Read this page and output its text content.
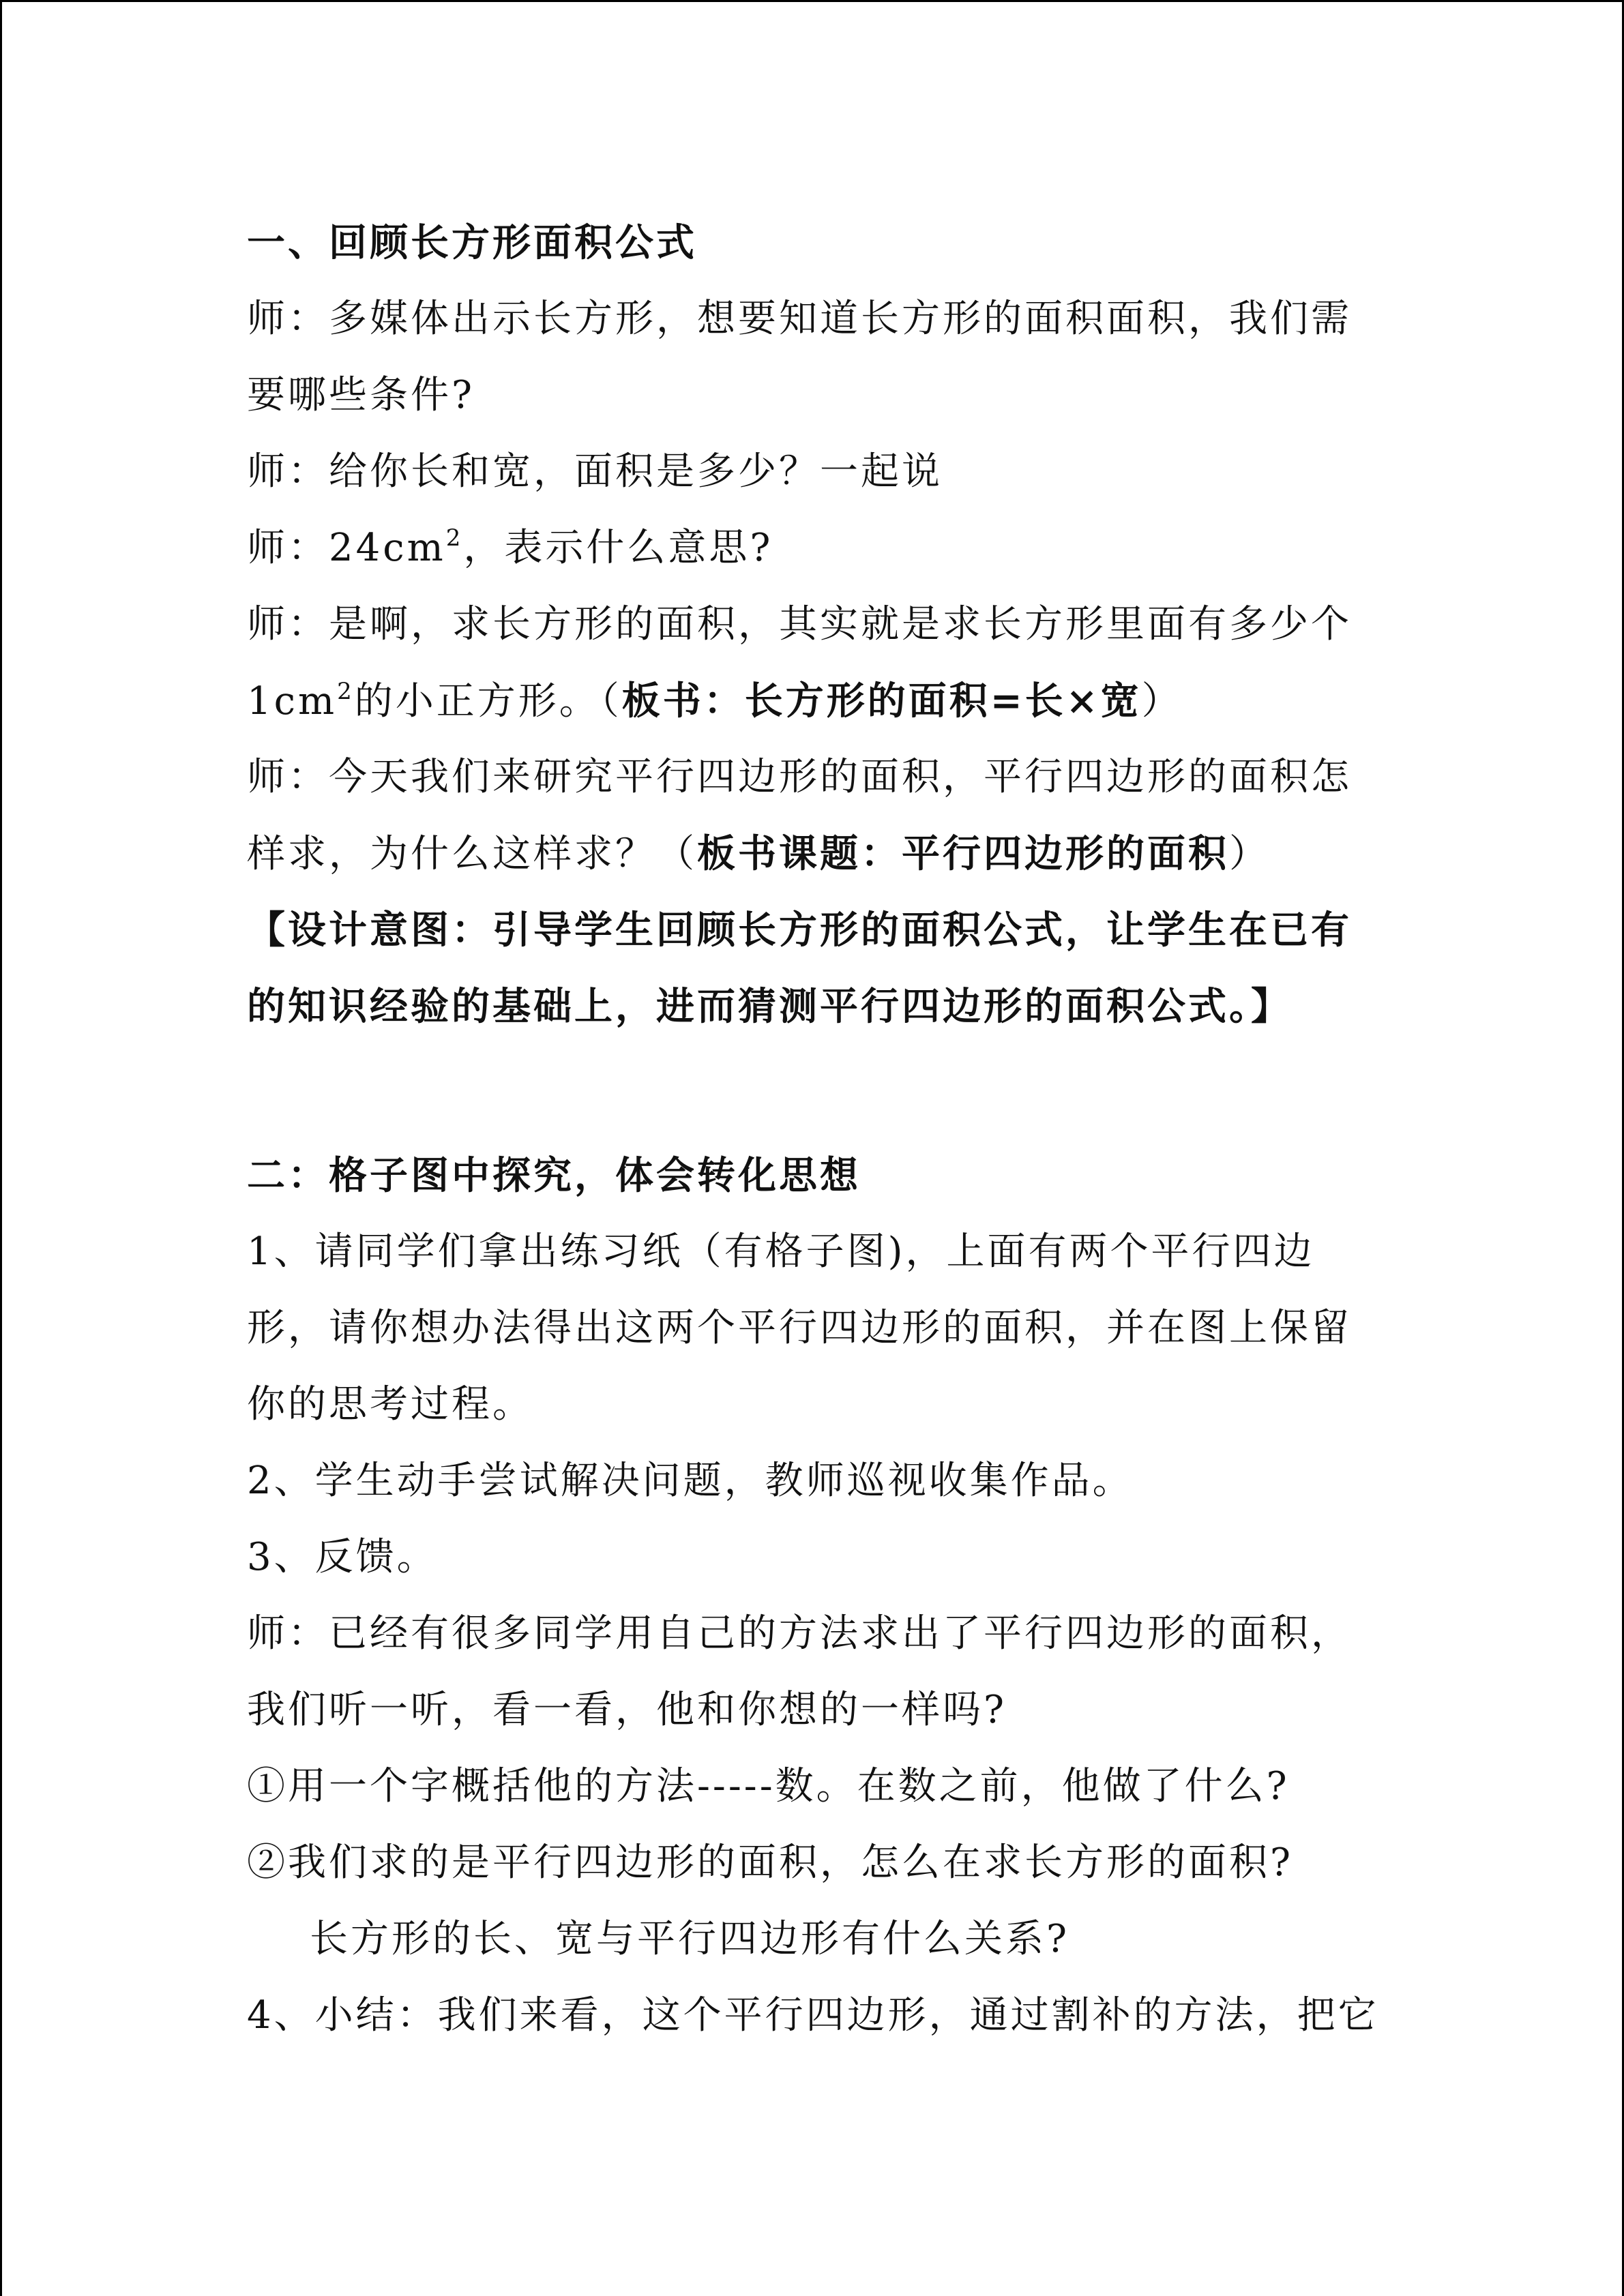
一、回顾长方形面积公式
师：多媒体出示长方形，想要知道长方形的面积面积，我们需
要哪些条件?
师：给你长和宽，面积是多少？一起说
师：$24cm^2$，表示什么意思?
师：是啊，求长方形的面积，其实就是求长方形里面有多少个
$1cm^2$的小正方形。（板书：长方形的面积=长×宽）
师：今天我们来研究平行四边形的面积，平行四边形的面积怎
样求，为什么这样求？（板书课题：平行四边形的面积）
【设计意图：引导学生回顾长方形的面积公式，让学生在已有
的知识经验的基础上，进而猜测平行四边形的面积公式。】
二：格子图中探究，体会转化思想
1、请同学们拿出练习纸（有格子图)，上面有两个平行四边
形，请你想办法得出这两个平行四边形的面积，并在图上保留
你的思考过程。
2、学生动手尝试解决问题，教师巡视收集作品。
3、反馈。
师：已经有很多同学用自己的方法求出了平行四边形的面积，
我们听一听，看一看，他和你想的一样吗?
①用一个字概括他的方法-----数。在数之前，他做了什么?
②我们求的是平行四边形的面积，怎么在求长方形的面积?
长方形的长、宽与平行四边形有什么关系?
4、小结：我们来看，这个平行四边形，通过割补的方法，把它
